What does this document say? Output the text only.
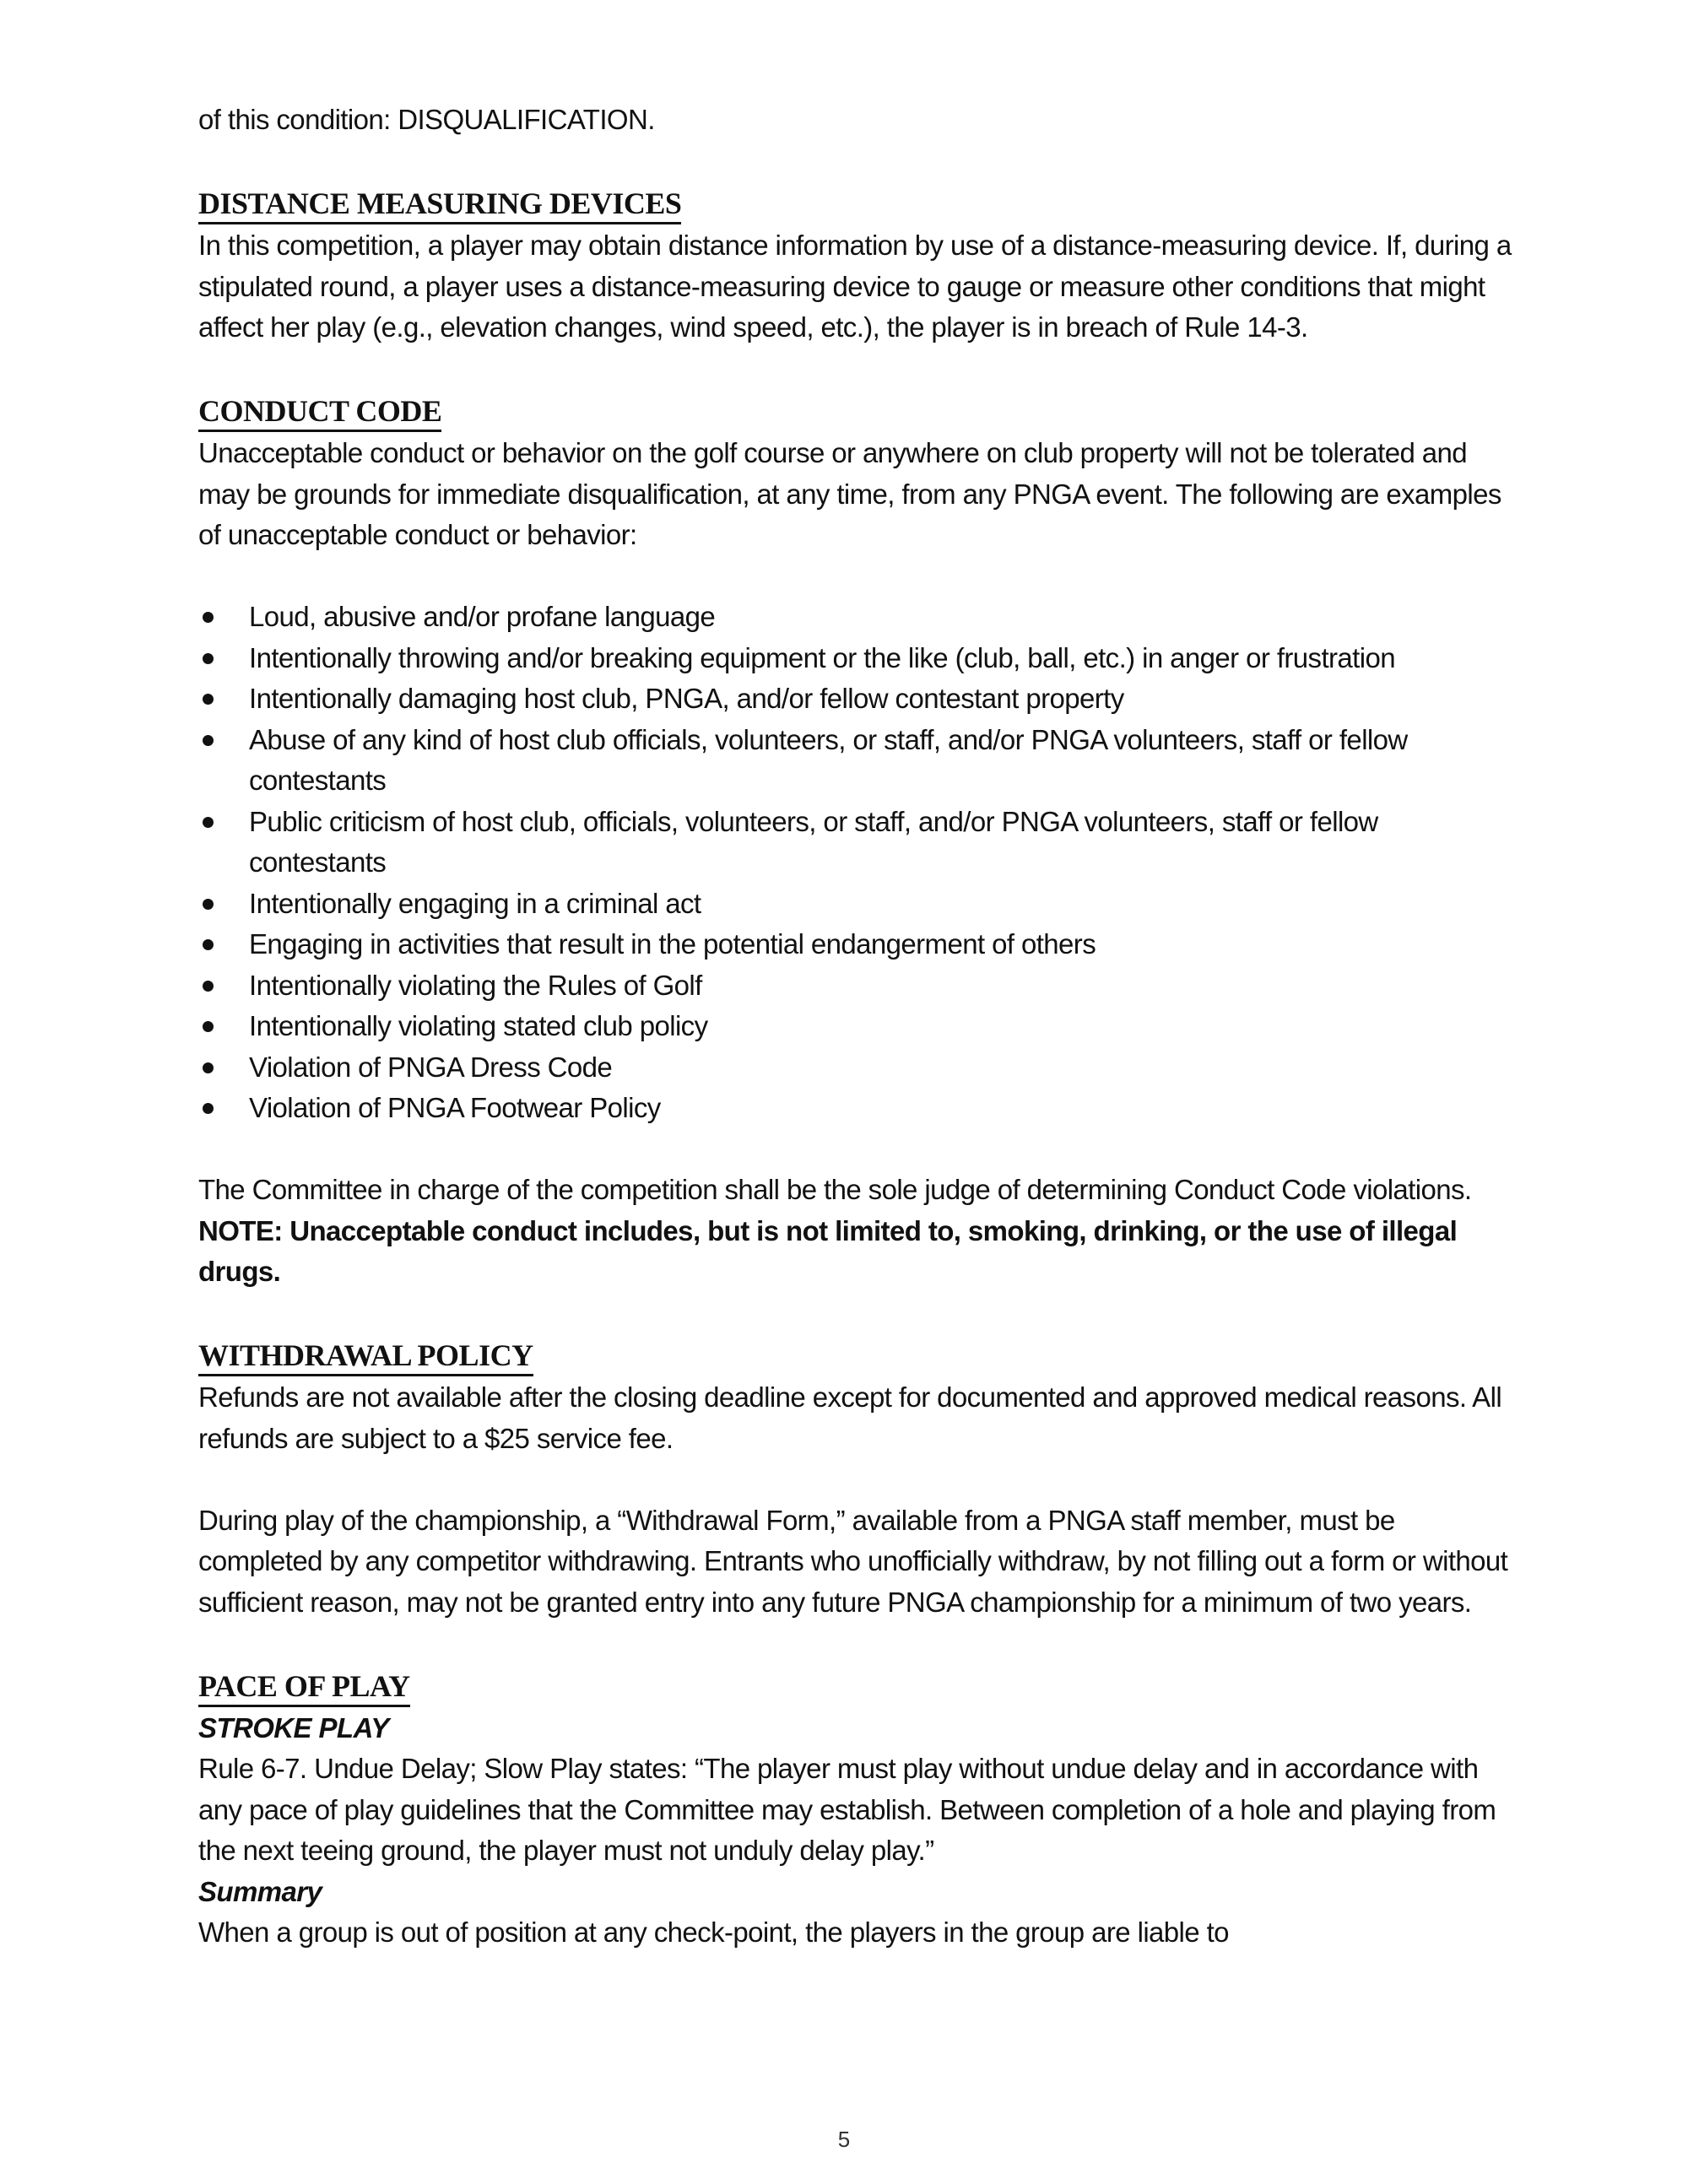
of this condition: DISQUALIFICATION.

DISTANCE MEASURING DEVICES

In this competition, a player may obtain distance information by use of a distance-measuring device. If, during a stipulated round, a player uses a distance-measuring device to gauge or measure other conditions that might affect her play (e.g., elevation changes, wind speed, etc.), the player is in breach of Rule 14-3.

CONDUCT CODE

Unacceptable conduct or behavior on the golf course or anywhere on club property will not be tolerated and may be grounds for immediate disqualification, at any time, from any PNGA event. The following are examples of unacceptable conduct or behavior:

Loud, abusive and/or profane language
Intentionally throwing and/or breaking equipment or the like (club, ball, etc.) in anger or frustration
Intentionally damaging host club, PNGA, and/or fellow contestant property
Abuse of any kind of host club officials, volunteers, or staff, and/or PNGA volunteers, staff or fellow contestants
Public criticism of host club, officials, volunteers, or staff, and/or PNGA volunteers, staff or fellow contestants
Intentionally engaging in a criminal act
Engaging in activities that result in the potential endangerment of others
Intentionally violating the Rules of Golf
Intentionally violating stated club policy
Violation of PNGA Dress Code
Violation of PNGA Footwear Policy

The Committee in charge of the competition shall be the sole judge of determining Conduct Code violations. NOTE: Unacceptable conduct includes, but is not limited to, smoking, drinking, or the use of illegal drugs.

WITHDRAWAL POLICY

Refunds are not available after the closing deadline except for documented and approved medical reasons. All refunds are subject to a $25 service fee.

During play of the championship, a “Withdrawal Form,” available from a PNGA staff member, must be completed by any competitor withdrawing. Entrants who unofficially withdraw, by not filling out a form or without sufficient reason, may not be granted entry into any future PNGA championship for a minimum of two years.

PACE OF PLAY

STROKE PLAY

Rule 6-7. Undue Delay; Slow Play states: “The player must play without undue delay and in accordance with any pace of play guidelines that the Committee may establish. Between completion of a hole and playing from the next teeing ground, the player must not unduly delay play.”

Summary

When a group is out of position at any check-point, the players in the group are liable to

5
